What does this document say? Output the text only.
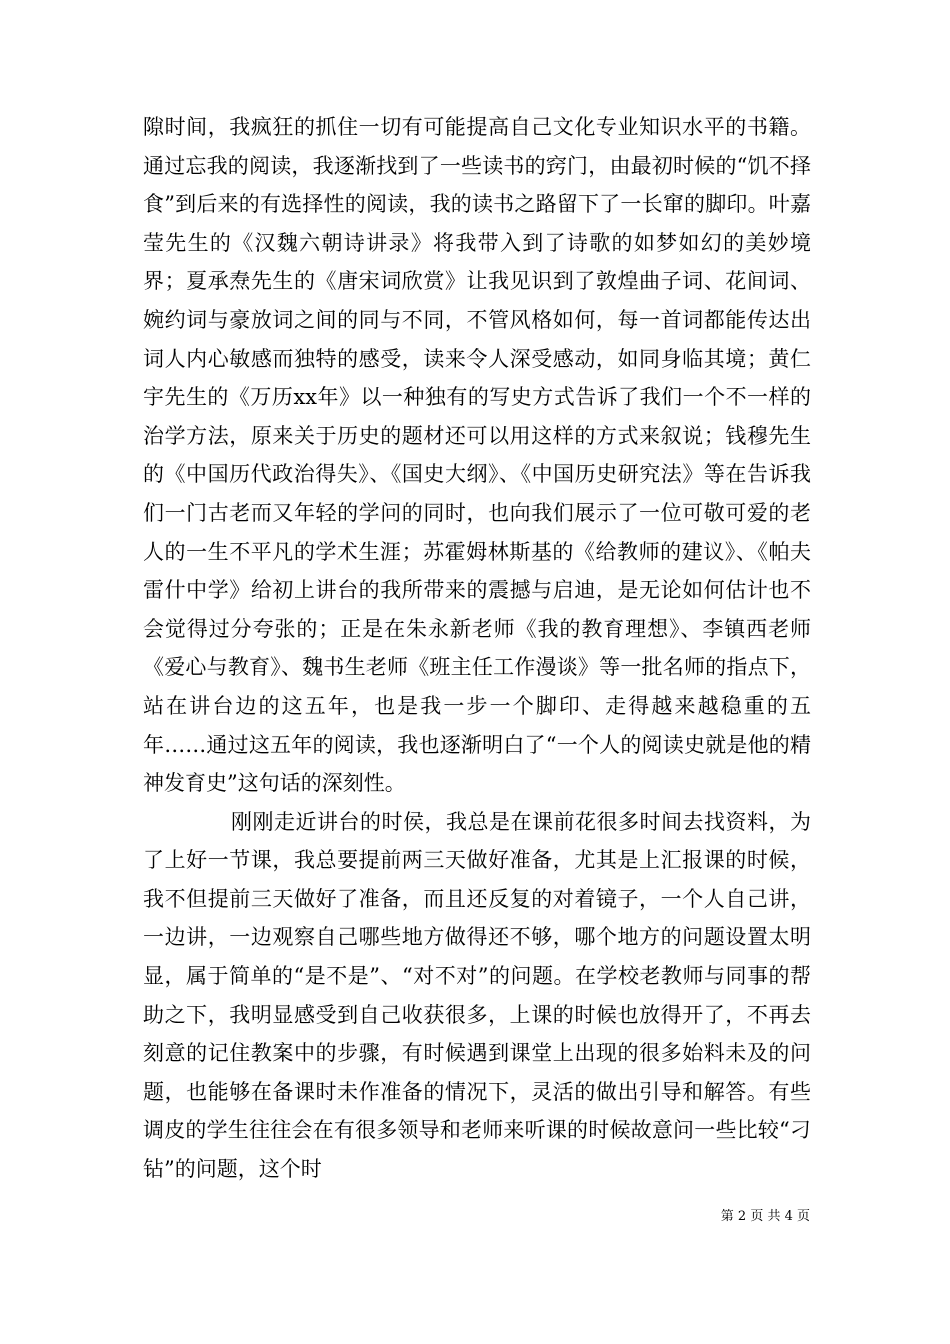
隙时间，我疯狂的抓住一切有可能提高自己文化专业知识水平的书籍。通过忘我的阅读，我逐渐找到了一些读书的窍门，由最初时候的“饥不择食”到后来的有选择性的阅读，我的读书之路留下了一长窜的脚印。叶嘉莹先生的《汉魏六朝诗讲录》将我带入到了诗歌的如梦如幻的美妙境界；夏承焘先生的《唐宋词欣赏》让我见识到了敦煌曲子词、花间词、婉约词与豪放词之间的同与不同，不管风格如何，每一首词都能传达出词人内心敏感而独特的感受，读来令人深受感动，如同身临其境；黄仁宇先生的《万历xx年》以一种独有的写史方式告诉了我们一个不一样的治学方法，原来关于历史的题材还可以用这样的方式来叙说；钱穆先生的《中国历代政治得失》、《国史大纲》、《中国历史研究法》等在告诉我们一门古老而又年轻的学问的同时，也向我们展示了一位可敬可爱的老人的一生不平凡的学术生涯；苏霍姆林斯基的《给教师的建议》、《帕夫雷什中学》给初上讲台的我所带来的震撼与启迪，是无论如何估计也不会觉得过分夸张的；正是在朱永新老师《我的教育理想》、李镇西老师《爱心与教育》、魏书生老师《班主任工作漫谈》等一批名师的指点下，站在讲台边的这五年，也是我一步一个脚印、走得越来越稳重的五年……通过这五年的阅读，我也逐渐明白了“一个人的阅读史就是他的精神发育史”这句话的深刻性。

刚刚走近讲台的时侯，我总是在课前花很多时间去找资料，为了上好一节课，我总要提前两三天做好准备，尤其是上汇报课的时候，我不但提前三天做好了准备，而且还反复的对着镜子，一个人自己讲，一边讲，一边观察自己哪些地方做得还不够，哪个地方的问题设置太明显，属于简单的“是不是”、“对不对”的问题。在学校老教师与同事的帮助之下，我明显感受到自己收获很多，上课的时候也放得开了，不再去刻意的记住教案中的步骤，有时候遇到课堂上出现的很多始料未及的问题，也能够在备课时未作准备的情况下，灵活的做出引导和解答。有些调皮的学生往往会在有很多领导和老师来听课的时候故意问一些比较“刁钻”的问题，这个时

第 2 页 共 4 页
